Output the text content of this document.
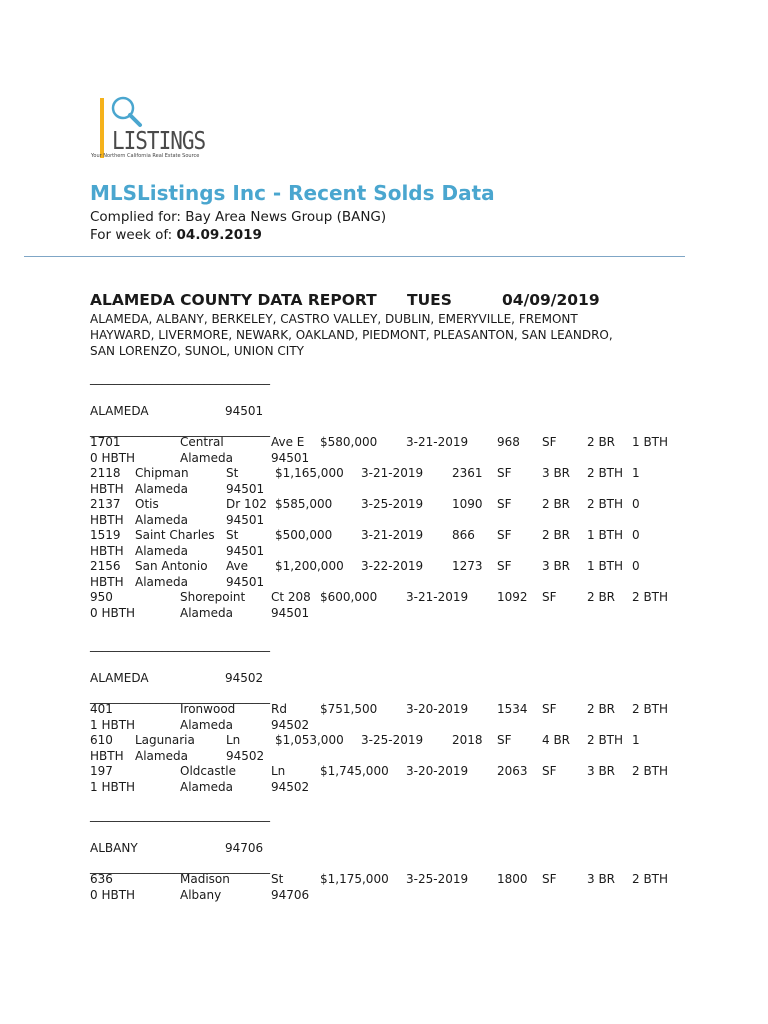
LISTINGS
Your Northern California Real Estate Source
MLSListings Inc - Recent Solds Data
Complied for: Bay Area News Group (BANG)
For week of: 04.09.2019
ALAMEDA COUNTY DATA REPORT TUES	04/09/2019
ALAMEDA, ALBANY, BERKELEY, CASTRO VALLEY, DUBLIN, EMERYVILLE, FREMONT
HAYWARD, LIVERMORE, NEWARK, OAKLAND, PIEDMONT, PLEASANTON, SAN LEANDRO,
SAN LORENZO, SUNOL, UNION CITY
______________________________
ALAMEDA	94501
______________________________
1701	Central	Ave E $580,000 3-21-2019 968 SF	2 BR 1 BTH
0 HBTH	Alameda	94501
2118 Chipman	St	$1,165,000 3-21-2019 2361 SF	3 BR 2 BTH 1
HBTH Alameda	94501
2137 Otis	Dr 102 $585,000 3-25-2019 1090 SF	2 BR 2 BTH 0
HBTH Alameda	94501
1519 Saint Charles St	$500,000 3-21-2019 866 SF	2 BR 1 BTH 0
HBTH Alameda	94501
2156 San Antonio Ave $1,200,000 3-22-2019 1273 SF	3 BR 1 BTH 0
HBTH Alameda	94501
950	Shorepoint Ct 208 $600,000 3-21-2019 1092 SF	2 BR 2 BTH
0 HBTH	Alameda	94501
______________________________
ALAMEDA	94502
______________________________
401	Ironwood	Rd	$751,500 3-20-2019 1534 SF	2 BR 2 BTH
1 HBTH	Alameda	94502
610 Lagunaria	Ln	$1,053,000 3-25-2019 2018 SF	4 BR 2 BTH 1
HBTH Alameda	94502
197	Oldcastle	Ln	$1,745,000 3-20-2019 2063 SF	3 BR 2 BTH
1 HBTH	Alameda	94502
______________________________
ALBANY	94706
______________________________
636	Madison	St	$1,175,000 3-25-2019 1800 SF	3 BR 2 BTH
0 HBTH	Albany	94706
